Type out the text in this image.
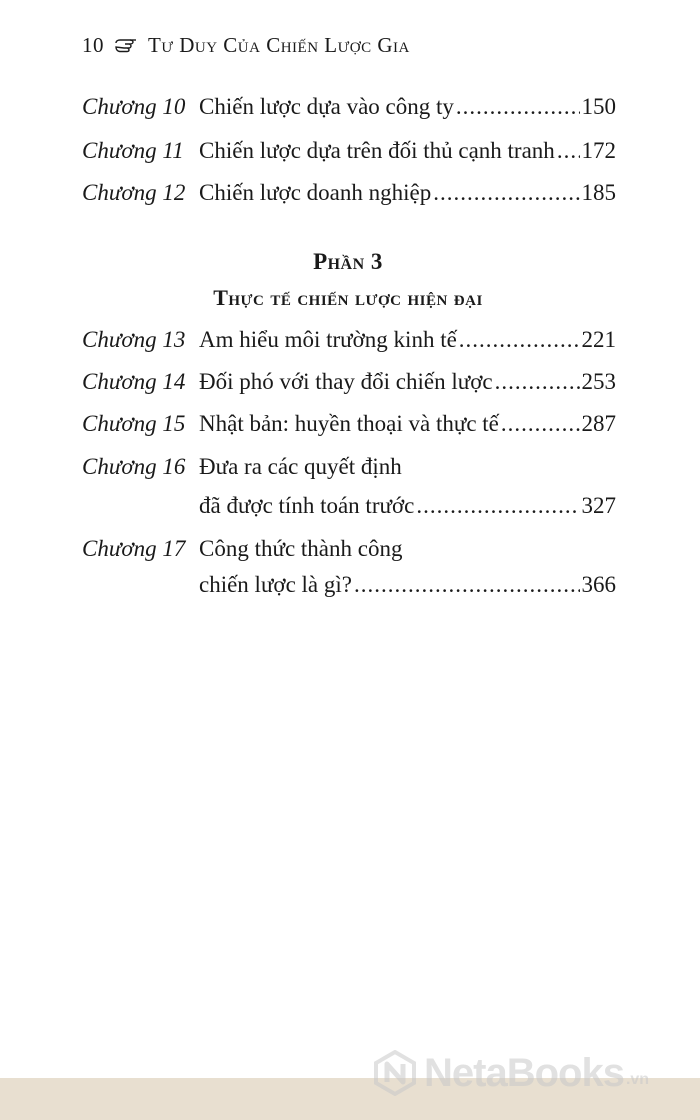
10 Tư Duy Của Chiến Lược Gia
Chương 10 Chiến lược dựa vào công ty .....	150
Chương 11 Chiến lược dựa trên đối thủ cạnh tranh ..... 172
Chương 12 Chiến lược doanh nghiệp .....	185
Phần 3
Thực tế chiến lược hiện đại
Chương 13 Am hiểu môi trường kinh tế .....	221
Chương 14 Đối phó với thay đổi chiến lược .....	253
Chương 15 Nhật bản: huyền thoại và thực tế .....	287
Chương 16 Đưa ra các quyết định
đã được tính toán trước .....	327
Chương 17 Công thức thành công
chiến lược là gì? .....	366
NetaBooks .vn
